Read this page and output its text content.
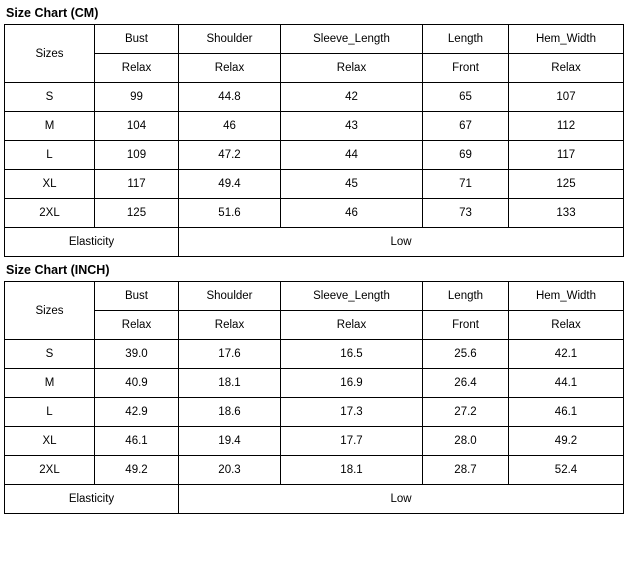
Size Chart (CM)
Sizes	Bust	Shoulder	Sleeve_Length	Length	Hem_Width
	Relax	Relax	Relax	Front	Relax
S	99	44.8	42	65	107
M	104	46	43	67	112
L	109	47.2	44	69	117
XL	117	49.4	45	71	125
2XL	125	51.6	46	73	133
Elasticity		Low			
Size Chart (INCH)
Sizes	Bust	Shoulder	Sleeve_Length	Length	Hem_Width
	Relax	Relax	Relax	Front	Relax
S	39.0	17.6	16.5	25.6	42.1
M	40.9	18.1	16.9	26.4	44.1
L	42.9	18.6	17.3	27.2	46.1
XL	46.1	19.4	17.7	28.0	49.2
2XL	49.2	20.3	18.1	28.7	52.4
Elasticity		Low			
